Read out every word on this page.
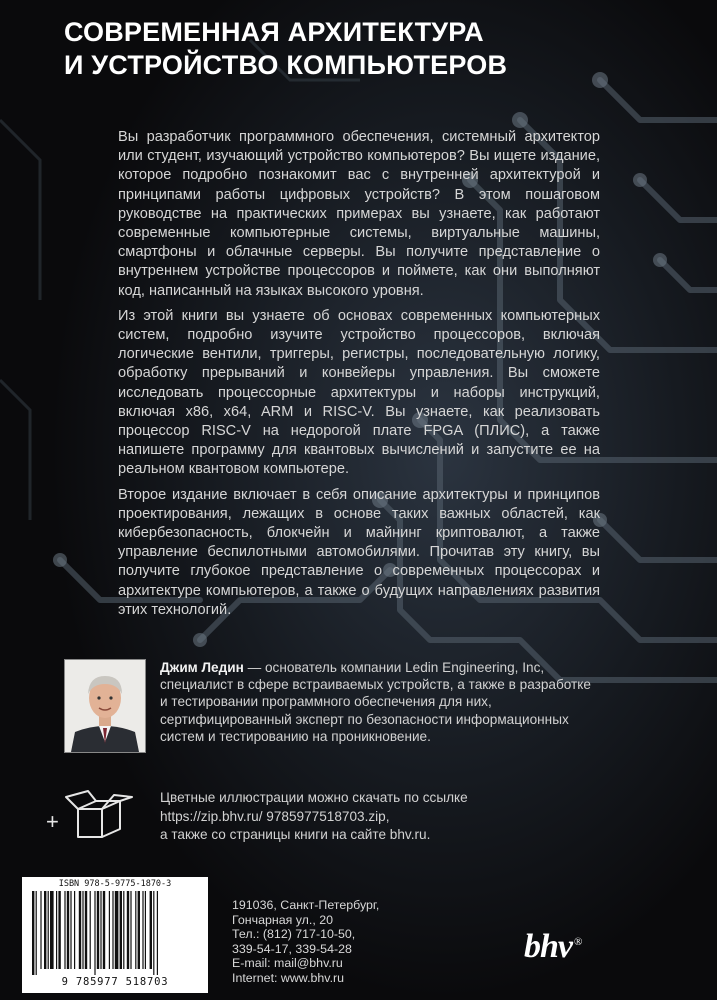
СОВРЕМЕННАЯ АРХИТЕКТУРА
И УСТРОЙСТВО КОМПЬЮТЕРОВ

Вы разработчик программного обеспечения, системный архитектор или студент, изучающий устройство компьютеров? Вы ищете издание, которое подробно познакомит вас с внутренней архитектурой и принципами работы цифровых устройств? В этом пошаговом руководстве на практических примерах вы узнаете, как работают современные компьютерные системы, виртуальные машины, смартфоны и облачные серверы. Вы получите представление о внутреннем устройстве процессоров и поймете, как они выполняют код, написанный на языках высокого уровня.

Из этой книги вы узнаете об основах современных компьютерных систем, подробно изучите устройство процессоров, включая логические вентили, триггеры, регистры, последовательную логику, обработку прерываний и конвейеры управления. Вы сможете исследовать процессорные архитектуры и наборы инструкций, включая x86, x64, ARM и RISC-V. Вы узнаете, как реализовать процессор RISC-V на недорогой плате FPGA (ПЛИС), а также напишете программу для квантовых вычислений и запустите ее на реальном квантовом компьютере.

Второе издание включает в себя описание архитектуры и принципов проектирования, лежащих в основе таких важных областей, как кибербезопасность, блокчейн и майнинг криптовалют, а также управление беспилотными автомобилями. Прочитав эту книгу, вы получите глубокое представление о современных процессорах и архитектуре компьютеров, а также о будущих направлениях развития этих технологий.

Джим Ледин — основатель компании Ledin Engineering, Inc, специалист в сфере встраиваемых устройств, а также в разработке и тестировании программного обеспечения для них, сертифицированный эксперт по безопасности информационных систем и тестированию на проникновение.
+
Цветные иллюстрации можно скачать по ссылке
https://zip.bhv.ru/ 9785977518703.zip,
а также со страницы книги на сайте bhv.ru.
ISBN 978-5-9775-1870-3
9 785977 518703
191036, Санкт-Петербург,
Гончарная ул., 20
Тел.: (812) 717-10-50,
339-54-17, 339-54-28
E-mail: mail@bhv.ru
Internet: www.bhv.ru
bhv ®
